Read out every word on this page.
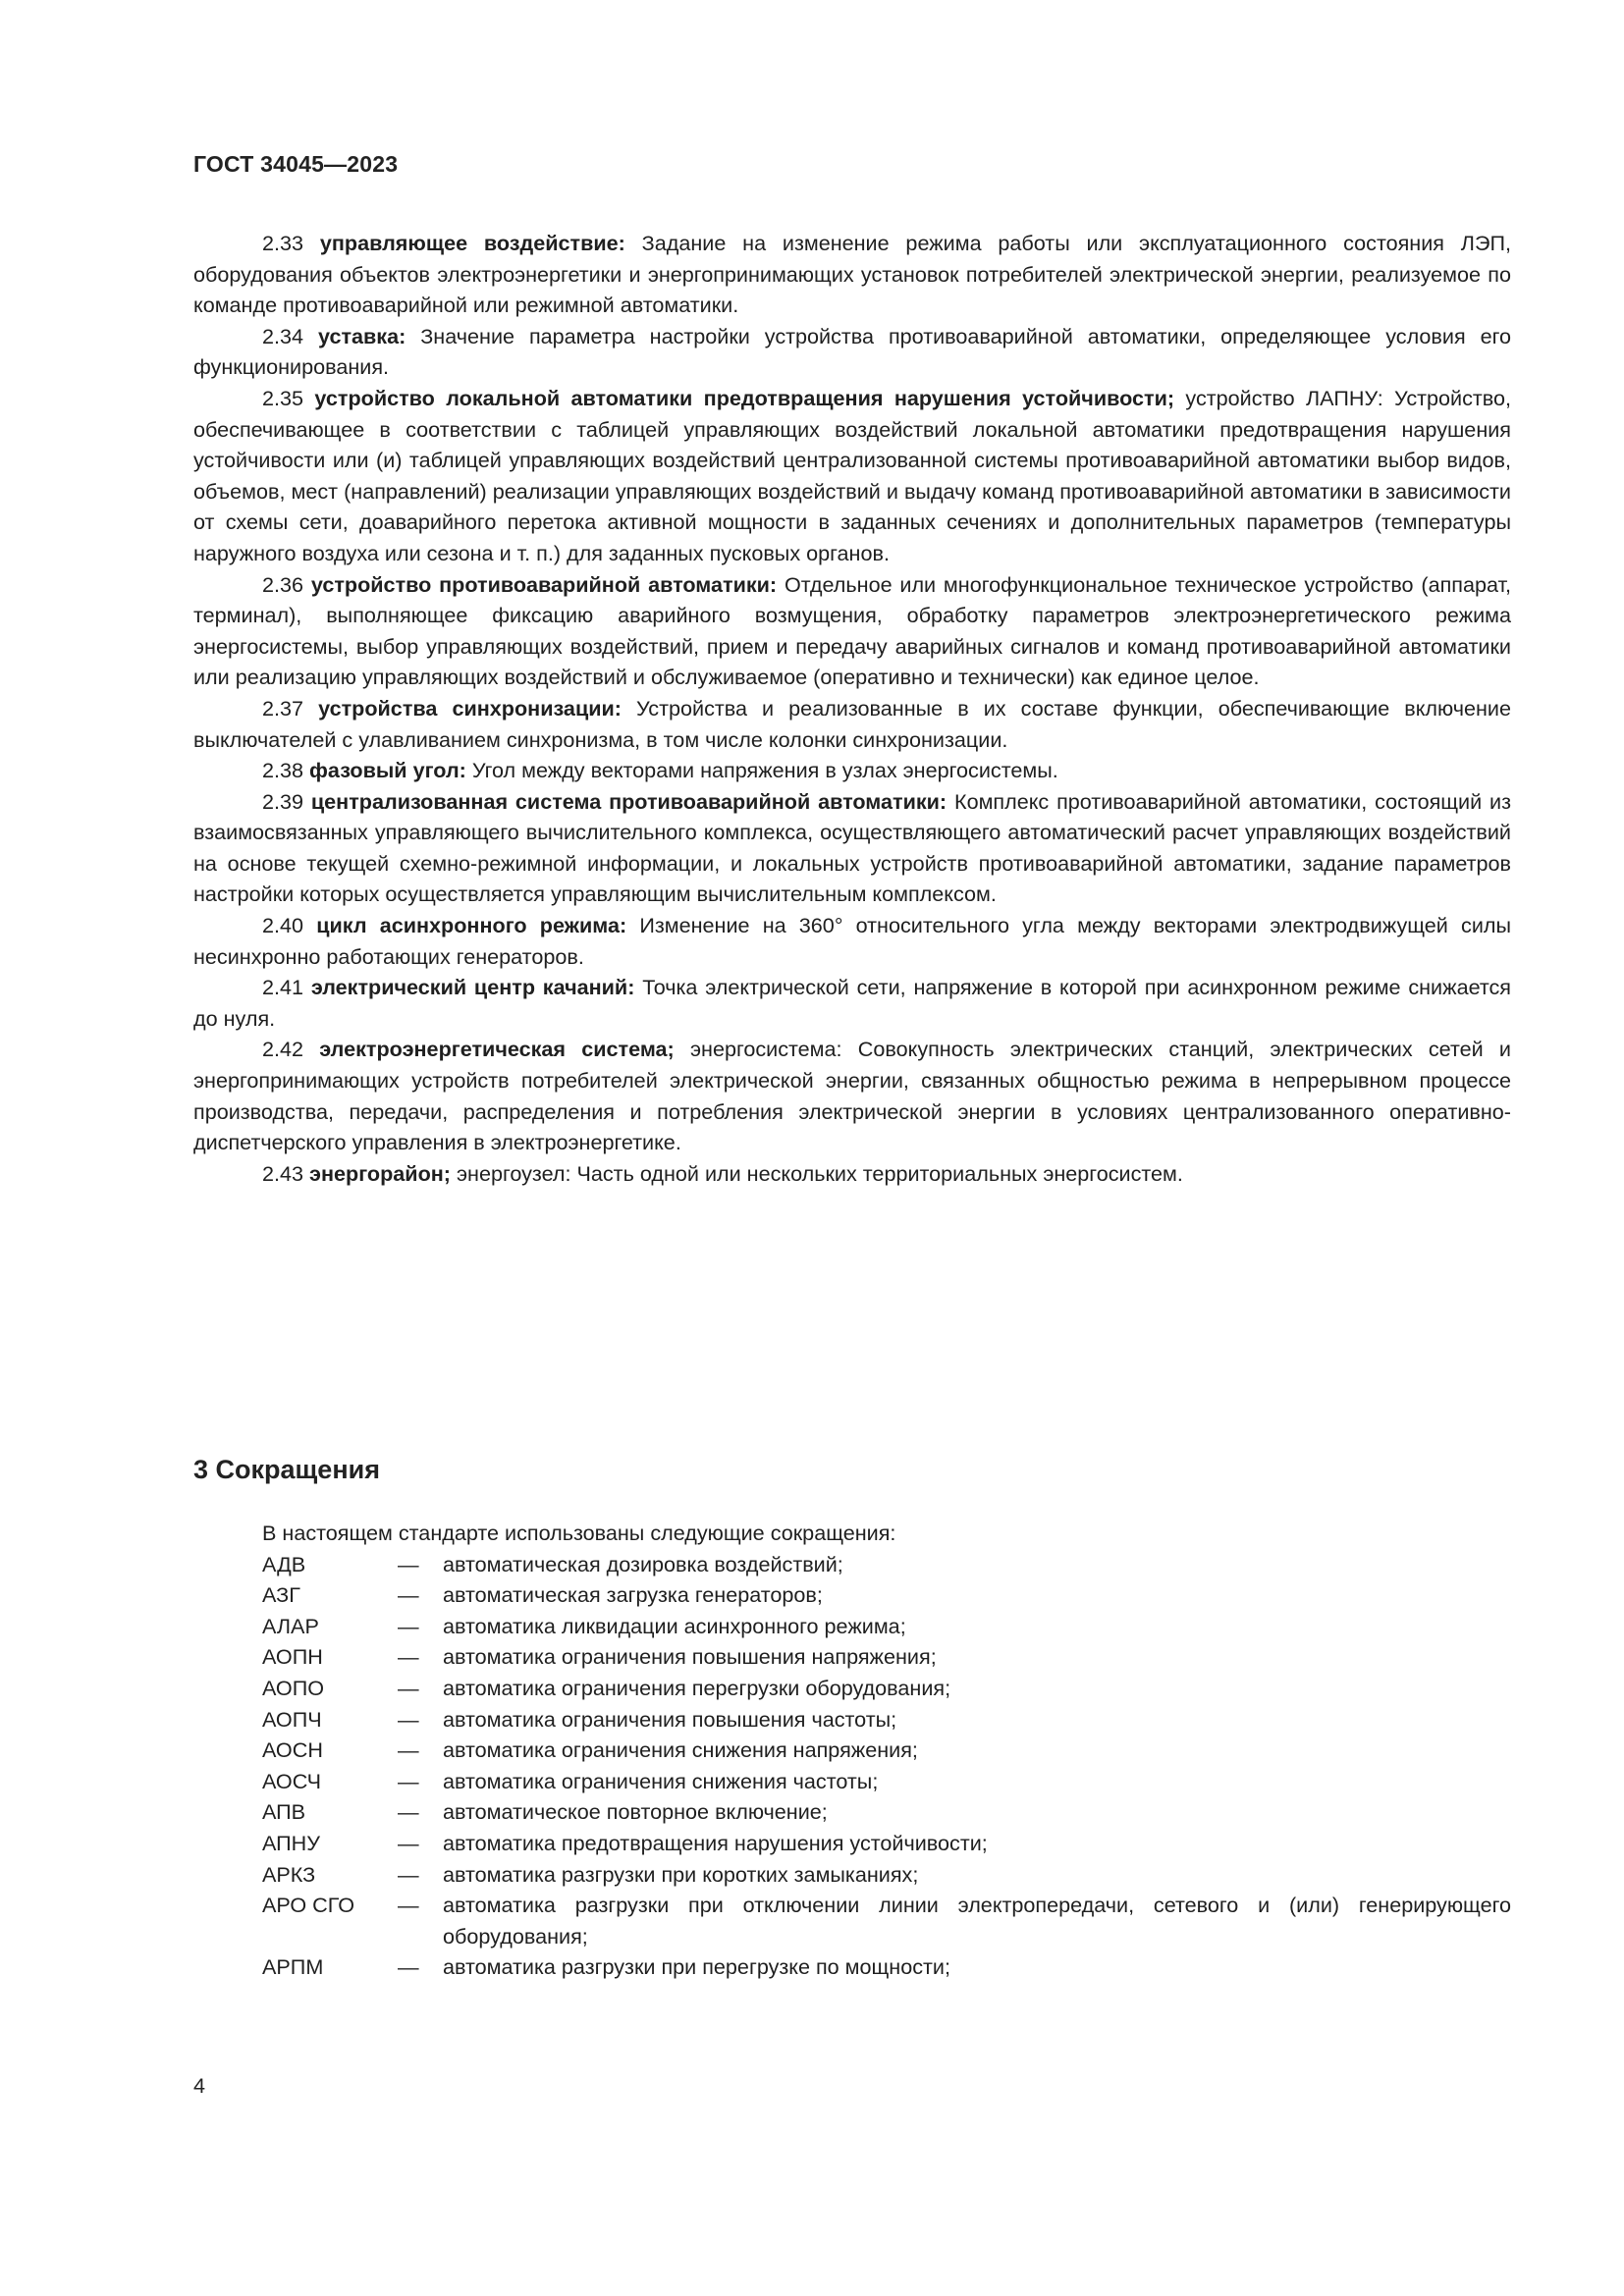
ГОСТ 34045—2023

2.33 управляющее воздействие: Задание на изменение режима работы или эксплуатационного состояния ЛЭП, оборудования объектов электроэнергетики и энергопринимающих установок потребителей электрической энергии, реализуемое по команде противоаварийной или режимной автоматики.

2.34 уставка: Значение параметра настройки устройства противоаварийной автоматики, определяющее условия его функционирования.

2.35 устройство локальной автоматики предотвращения нарушения устойчивости; устройство ЛАПНУ: Устройство, обеспечивающее в соответствии с таблицей управляющих воздействий локальной автоматики предотвращения нарушения устойчивости или (и) таблицей управляющих воздействий централизованной системы противоаварийной автоматики выбор видов, объемов, мест (направлений) реализации управляющих воздействий и выдачу команд противоаварийной автоматики в зависимости от схемы сети, доаварийного перетока активной мощности в заданных сечениях и дополнительных параметров (температуры наружного воздуха или сезона и т. п.) для заданных пусковых органов.

2.36 устройство противоаварийной автоматики: Отдельное или многофункциональное техническое устройство (аппарат, терминал), выполняющее фиксацию аварийного возмущения, обработку параметров электроэнергетического режима энергосистемы, выбор управляющих воздействий, прием и передачу аварийных сигналов и команд противоаварийной автоматики или реализацию управляющих воздействий и обслуживаемое (оперативно и технически) как единое целое.

2.37 устройства синхронизации: Устройства и реализованные в их составе функции, обеспечивающие включение выключателей с улавливанием синхронизма, в том числе колонки синхронизации.

2.38 фазовый угол: Угол между векторами напряжения в узлах энергосистемы.

2.39 централизованная система противоаварийной автоматики: Комплекс противоаварийной автоматики, состоящий из взаимосвязанных управляющего вычислительного комплекса, осуществляющего автоматический расчет управляющих воздействий на основе текущей схемно-режимной информации, и локальных устройств противоаварийной автоматики, задание параметров настройки которых осуществляется управляющим вычислительным комплексом.

2.40 цикл асинхронного режима: Изменение на 360° относительного угла между векторами электродвижущей силы несинхронно работающих генераторов.

2.41 электрический центр качаний: Точка электрической сети, напряжение в которой при асинхронном режиме снижается до нуля.

2.42 электроэнергетическая система; энергосистема: Совокупность электрических станций, электрических сетей и энергопринимающих устройств потребителей электрической энергии, связанных общностью режима в непрерывном процессе производства, передачи, распределения и потребления электрической энергии в условиях централизованного оперативно-диспетчерского управления в электроэнергетике.

2.43 энергорайон; энергоузел: Часть одной или нескольких территориальных энергосистем.

3 Сокращения

В настоящем стандарте использованы следующие сокращения:

АДВ	—	автоматическая дозировка воздействий;
АЗГ	—	автоматическая загрузка генераторов;
АЛАР	—	автоматика ликвидации асинхронного режима;
АОПН	—	автоматика ограничения повышения напряжения;
АОПО	—	автоматика ограничения перегрузки оборудования;
АОПЧ	—	автоматика ограничения повышения частоты;
АОСН	—	автоматика ограничения снижения напряжения;
АОСЧ	—	автоматика ограничения снижения частоты;
АПВ	—	автоматическое повторное включение;
АПНУ	—	автоматика предотвращения нарушения устойчивости;
АРКЗ	—	автоматика разгрузки при коротких замыканиях;
АРО СГО	—	автоматика разгрузки при отключении линии электропередачи, сетевого и (или) генерирующего оборудования;
АРПМ	—	автоматика разгрузки при перегрузке по мощности;
4
